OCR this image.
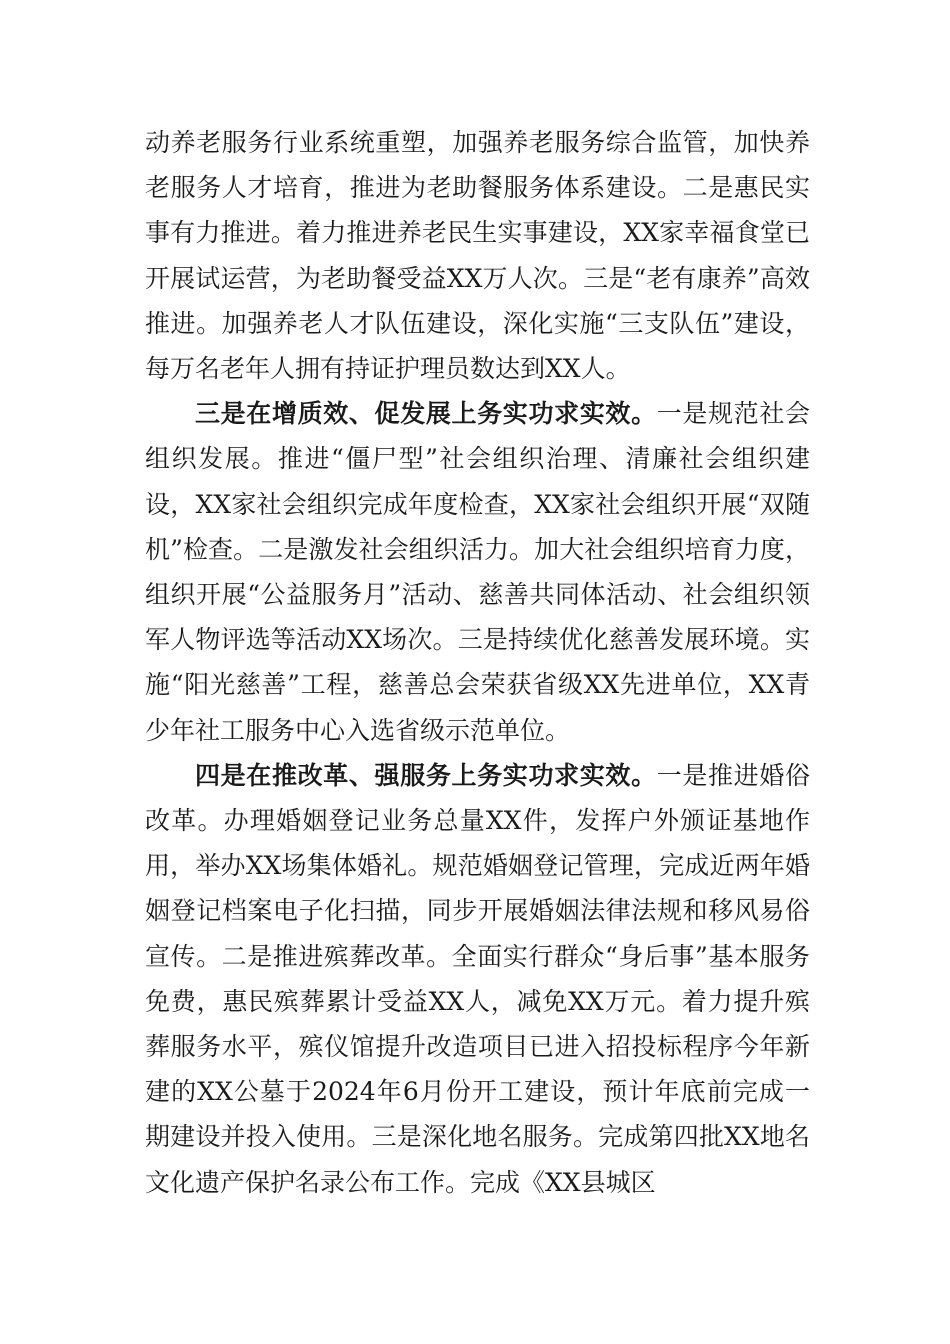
动养老服务行业系统重塑，加强养老服务综合监管，加快养老服务人才培育，推进为老助餐服务体系建设。二是惠民实事有力推进。着力推进养老民生实事建设，XX家幸福食堂已开展试运营，为老助餐受益XX万人次。三是“老有康养”高效推进。加强养老人才队伍建设，深化实施“三支队伍”建设，每万名老年人拥有持证护理员数达到XX人。

三是在增质效、促发展上务实功求实效。一是规范社会组织发展。推进“僵尸型”社会组织治理、清廉社会组织建设，XX家社会组织完成年度检查，XX家社会组织开展“双随机”检查。二是激发社会组织活力。加大社会组织培育力度，组织开展“公益服务月”活动、慈善共同体活动、社会组织领军人物评选等活动XX场次。三是持续优化慈善发展环境。实施“阳光慈善”工程，慈善总会荣获省级XX先进单位，XX青少年社工服务中心入选省级示范单位。

四是在推改革、强服务上务实功求实效。一是推进婚俗改革。办理婚姻登记业务总量XX件，发挥户外颁证基地作用，举办XX场集体婚礼。规范婚姻登记管理，完成近两年婚姻登记档案电子化扫描，同步开展婚姻法律法规和移风易俗宣传。二是推进殡葬改革。全面实行群众“身后事”基本服务免费，惠民殡葬累计受益XX人，减免XX万元。着力提升殡葬服务水平，殡仪馆提升改造项目已进入招投标程序今年新建的XX公墓于2024年6月份开工建设，预计年底前完成一期建设并投入使用。三是深化地名服务。完成第四批XX地名文化遗产保护名录公布工作。完成《XX县城区
